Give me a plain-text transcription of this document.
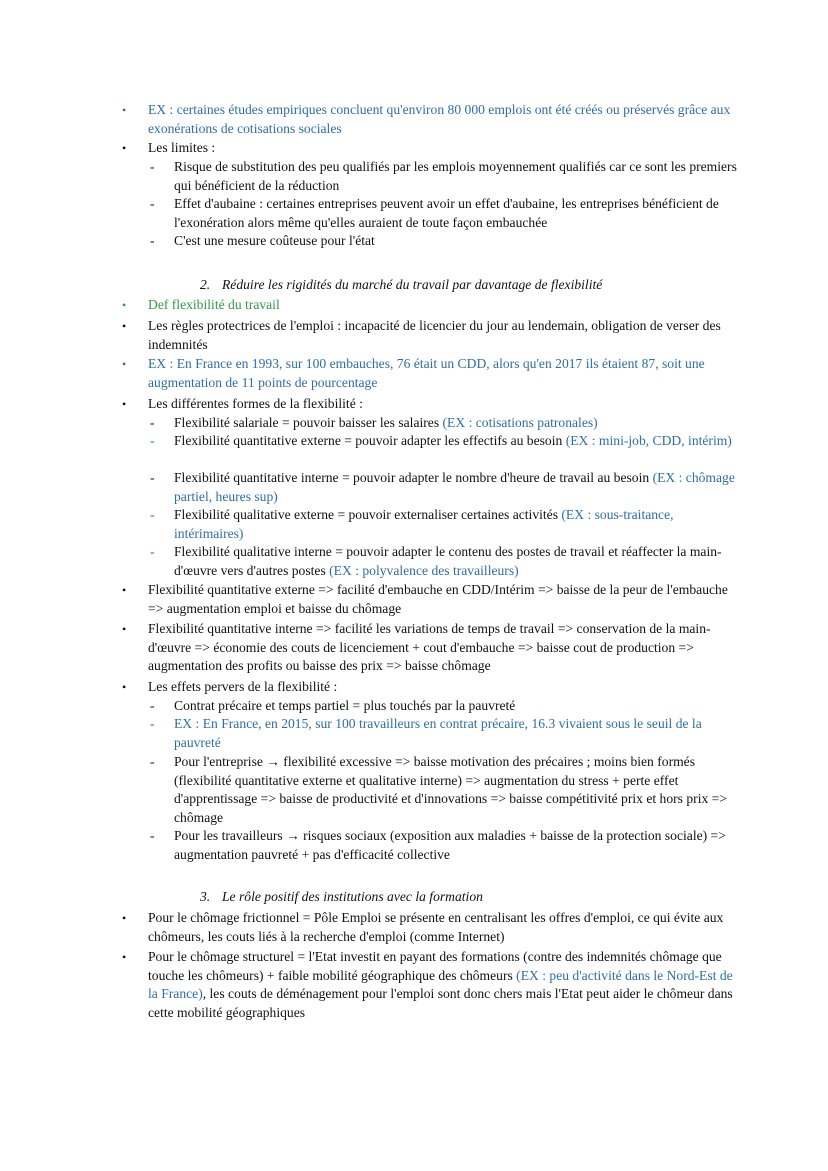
• EX : certaines études empiriques concluent qu'environ 80 000 emplois ont été créés ou préservés grâce aux exonérations de cotisations sociales
• Les limites :
- Risque de substitution des peu qualifiés par les emplois moyennement qualifiés car ce sont les premiers qui bénéficient de la réduction
- Effet d'aubaine : certaines entreprises peuvent avoir un effet d'aubaine, les entreprises bénéficient de l'exonération alors même qu'elles auraient de toute façon embauchée
- C'est une mesure coûteuse pour l'état
2. Réduire les rigidités du marché du travail par davantage de flexibilité
• Def flexibilité du travail
• Les règles protectrices de l'emploi : incapacité de licencier du jour au lendemain, obligation de verser des indemnités
• EX : En France en 1993, sur 100 embauches, 76 était un CDD, alors qu'en 2017 ils étaient 87, soit une augmentation de 11 points de pourcentage
• Les différentes formes de la flexibilité :
- Flexibilité salariale = pouvoir baisser les salaires (EX : cotisations patronales)
- Flexibilité quantitative externe = pouvoir adapter les effectifs au besoin (EX : mini-job, CDD, intérim)
- Flexibilité quantitative interne = pouvoir adapter le nombre d'heure de travail au besoin (EX : chômage partiel, heures sup)
- Flexibilité qualitative externe = pouvoir externaliser certaines activités (EX : sous-traitance, intérimaires)
- Flexibilité qualitative interne = pouvoir adapter le contenu des postes de travail et réaffecter la main-d'œuvre vers d'autres postes (EX : polyvalence des travailleurs)
• Flexibilité quantitative externe => facilité d'embauche en CDD/Intérim => baisse de la peur de l'embauche => augmentation emploi et baisse du chômage
• Flexibilité quantitative interne => facilité les variations de temps de travail => conservation de la main-d'œuvre => économie des couts de licenciement + cout d'embauche => baisse cout de production => augmentation des profits ou baisse des prix => baisse chômage
• Les effets pervers de la flexibilité :
- Contrat précaire et temps partiel = plus touchés par la pauvreté
- EX : En France, en 2015, sur 100 travailleurs en contrat précaire, 16.3 vivaient sous le seuil de la pauvreté
- Pour l'entreprise → flexibilité excessive => baisse motivation des précaires ; moins bien formés (flexibilité quantitative externe et qualitative interne) => augmentation du stress + perte effet d'apprentissage => baisse de productivité et d'innovations => baisse compétitivité prix et hors prix => chômage
- Pour les travailleurs → risques sociaux (exposition aux maladies + baisse de la protection sociale) => augmentation pauvreté + pas d'efficacité collective
3. Le rôle positif des institutions avec la formation
• Pour le chômage frictionnel = Pôle Emploi se présente en centralisant les offres d'emploi, ce qui évite aux chômeurs, les couts liés à la recherche d'emploi (comme Internet)
• Pour le chômage structurel = l'Etat investit en payant des formations (contre des indemnités chômage que touche les chômeurs) + faible mobilité géographique des chômeurs (EX : peu d'activité dans le Nord-Est de la France), les couts de déménagement pour l'emploi sont donc chers mais l'Etat peut aider le chômeur dans cette mobilité géographiques
